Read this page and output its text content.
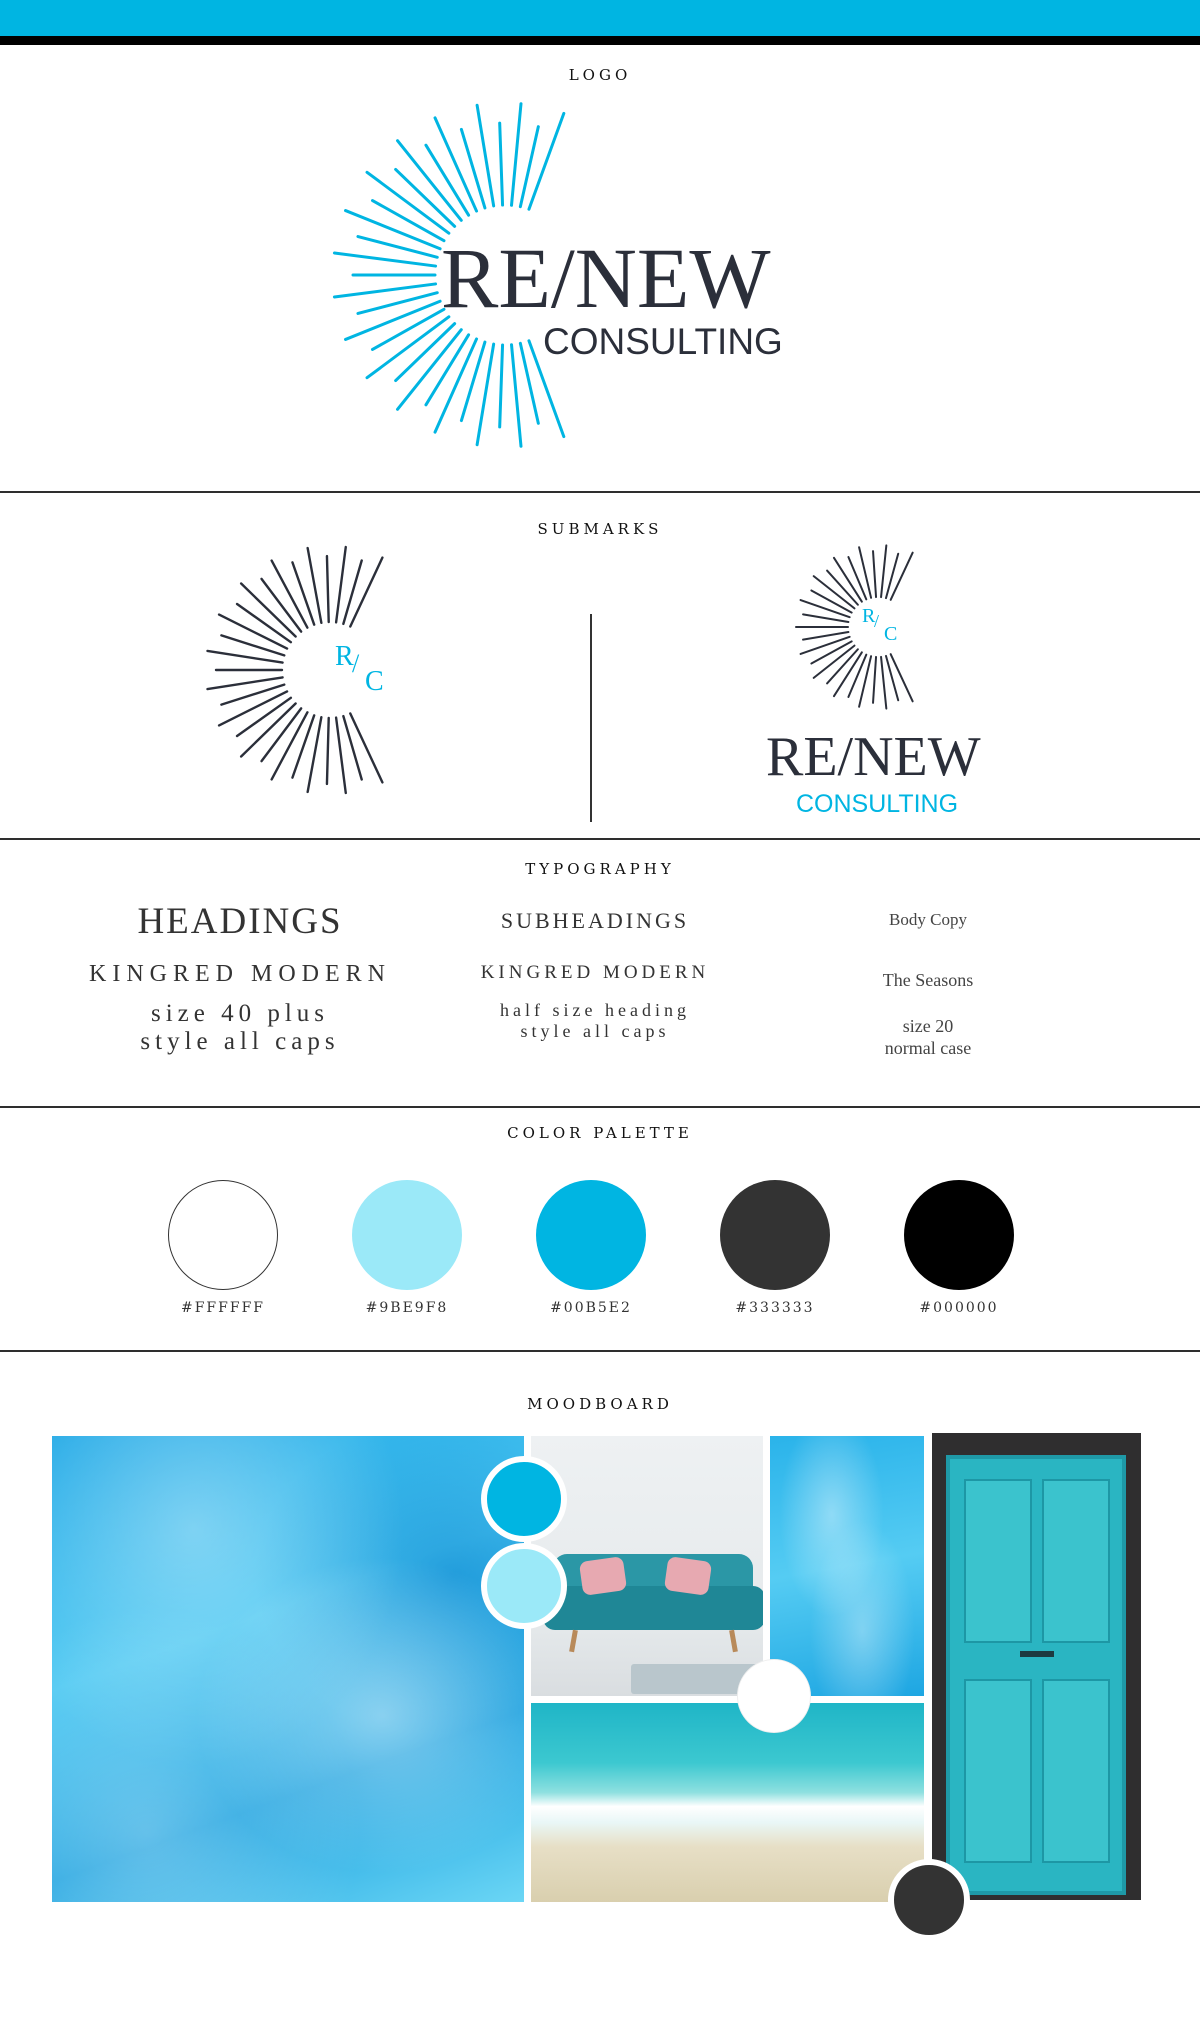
LOGO
RE/NEW
CONSULTING
SUBMARKS
R
/
C
R
/
C
RE/NEW
CONSULTING
TYPOGRAPHY
HEADINGS
KINGRED MODERN
size 40 plus
style all caps
SUBHEADINGS
KINGRED MODERN
half size heading
style all caps
Body Copy
The Seasons
size 20
normal case
COLOR PALETTE
#FFFFFF	#9BE9F8	#00B5E2	#333333	#000000
MOODBOARD
